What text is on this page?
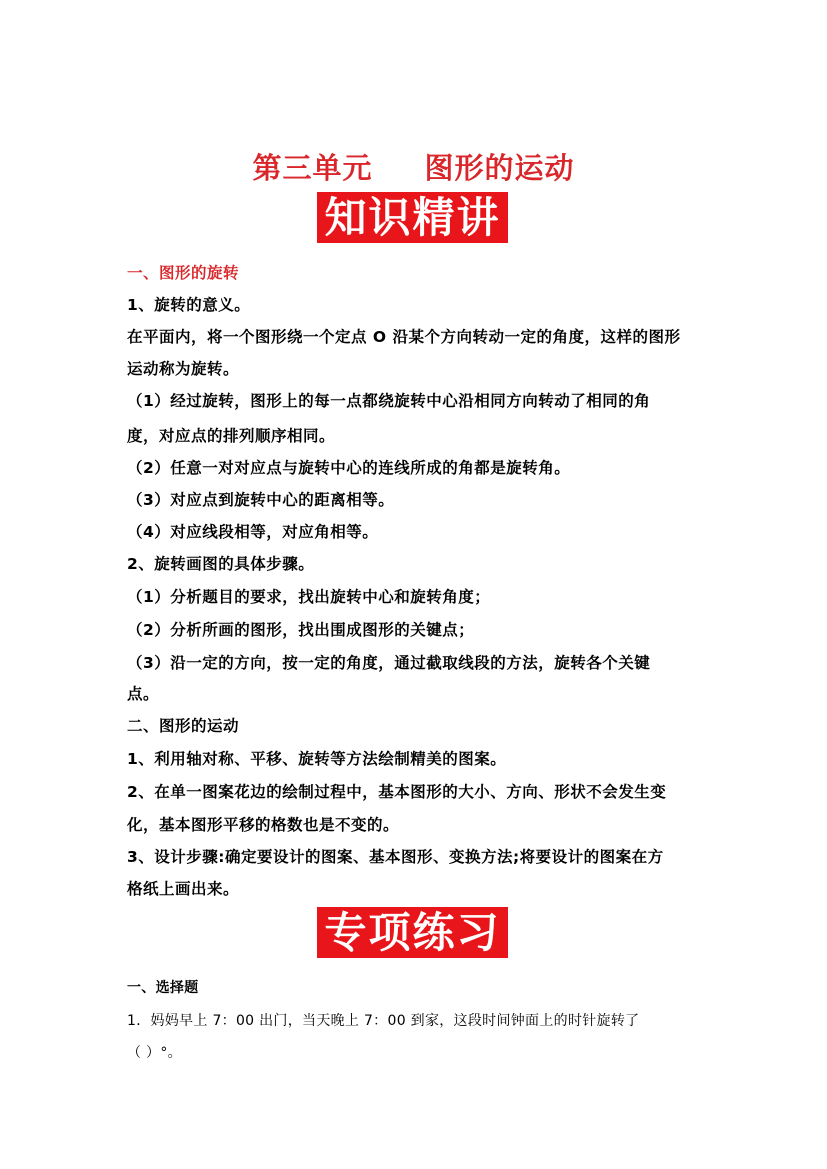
第三单元 图形的运动
知识精讲
一、图形的旋转
1、旋转的意义。
在平面内，将一个图形绕一个定点 O 沿某个方向转动一定的角度，这样的图形
运动称为旋转。
（1）经过旋转，图形上的每一点都绕旋转中心沿相同方向转动了相同的角
度，对应点的排列顺序相同。
（2）任意一对对应点与旋转中心的连线所成的角都是旋转角。
（3）对应点到旋转中心的距离相等。
（4）对应线段相等，对应角相等。
2、旋转画图的具体步骤。
（1）分析题目的要求，找出旋转中心和旋转角度；
（2）分析所画的图形，找出围成图形的关键点；
（3）沿一定的方向，按一定的角度，通过截取线段的方法，旋转各个关键
点。
二、图形的运动
1、利用轴对称、平移、旋转等方法绘制精美的图案。
2、在单一图案花边的绘制过程中，基本图形的大小、方向、形状不会发生变
化，基本图形平移的格数也是不变的。
3、设计步骤:确定要设计的图案、基本图形、变换方法;将要设计的图案在方
格纸上画出来。
专项练习
一、选择题
1．妈妈早上 7：00 出门，当天晚上 7：00 到家，这段时间钟面上的时针旋转了
（ ）°。
